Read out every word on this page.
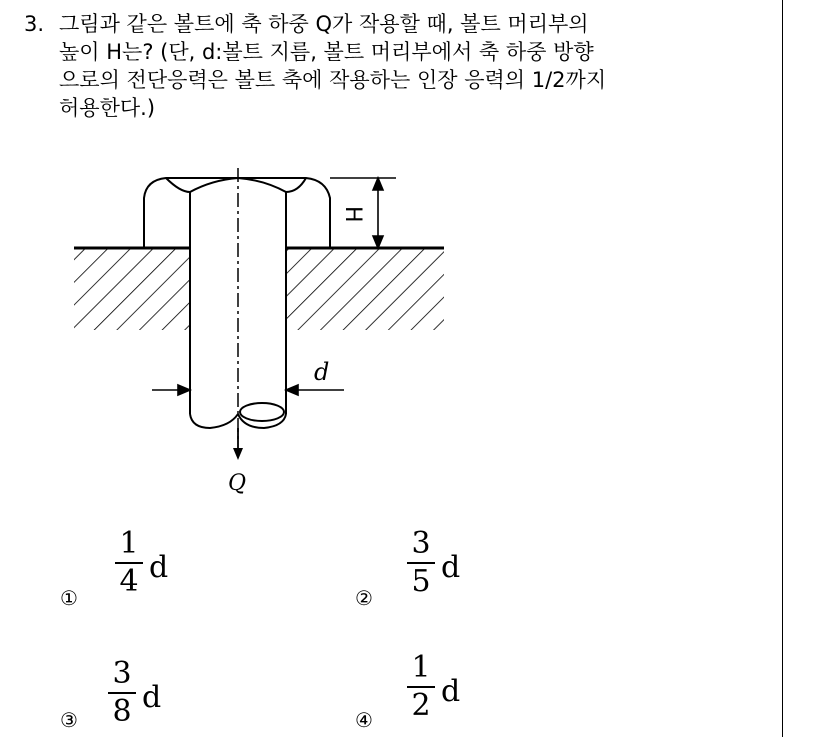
3. 그림과 같은 볼트에 축 하중 Q가 작용할 때, 볼트 머리부의
높이 H는? (단, d:볼트 지름, 볼트 머리부에서 축 하중 방향
으로의 전단응력은 볼트 축에 작용하는 인장 응력의 1/2까지
허용한다.)
Q
H
d
①
1
4 d
②
3
5 d
③
3
8 d
④
1
2 d
